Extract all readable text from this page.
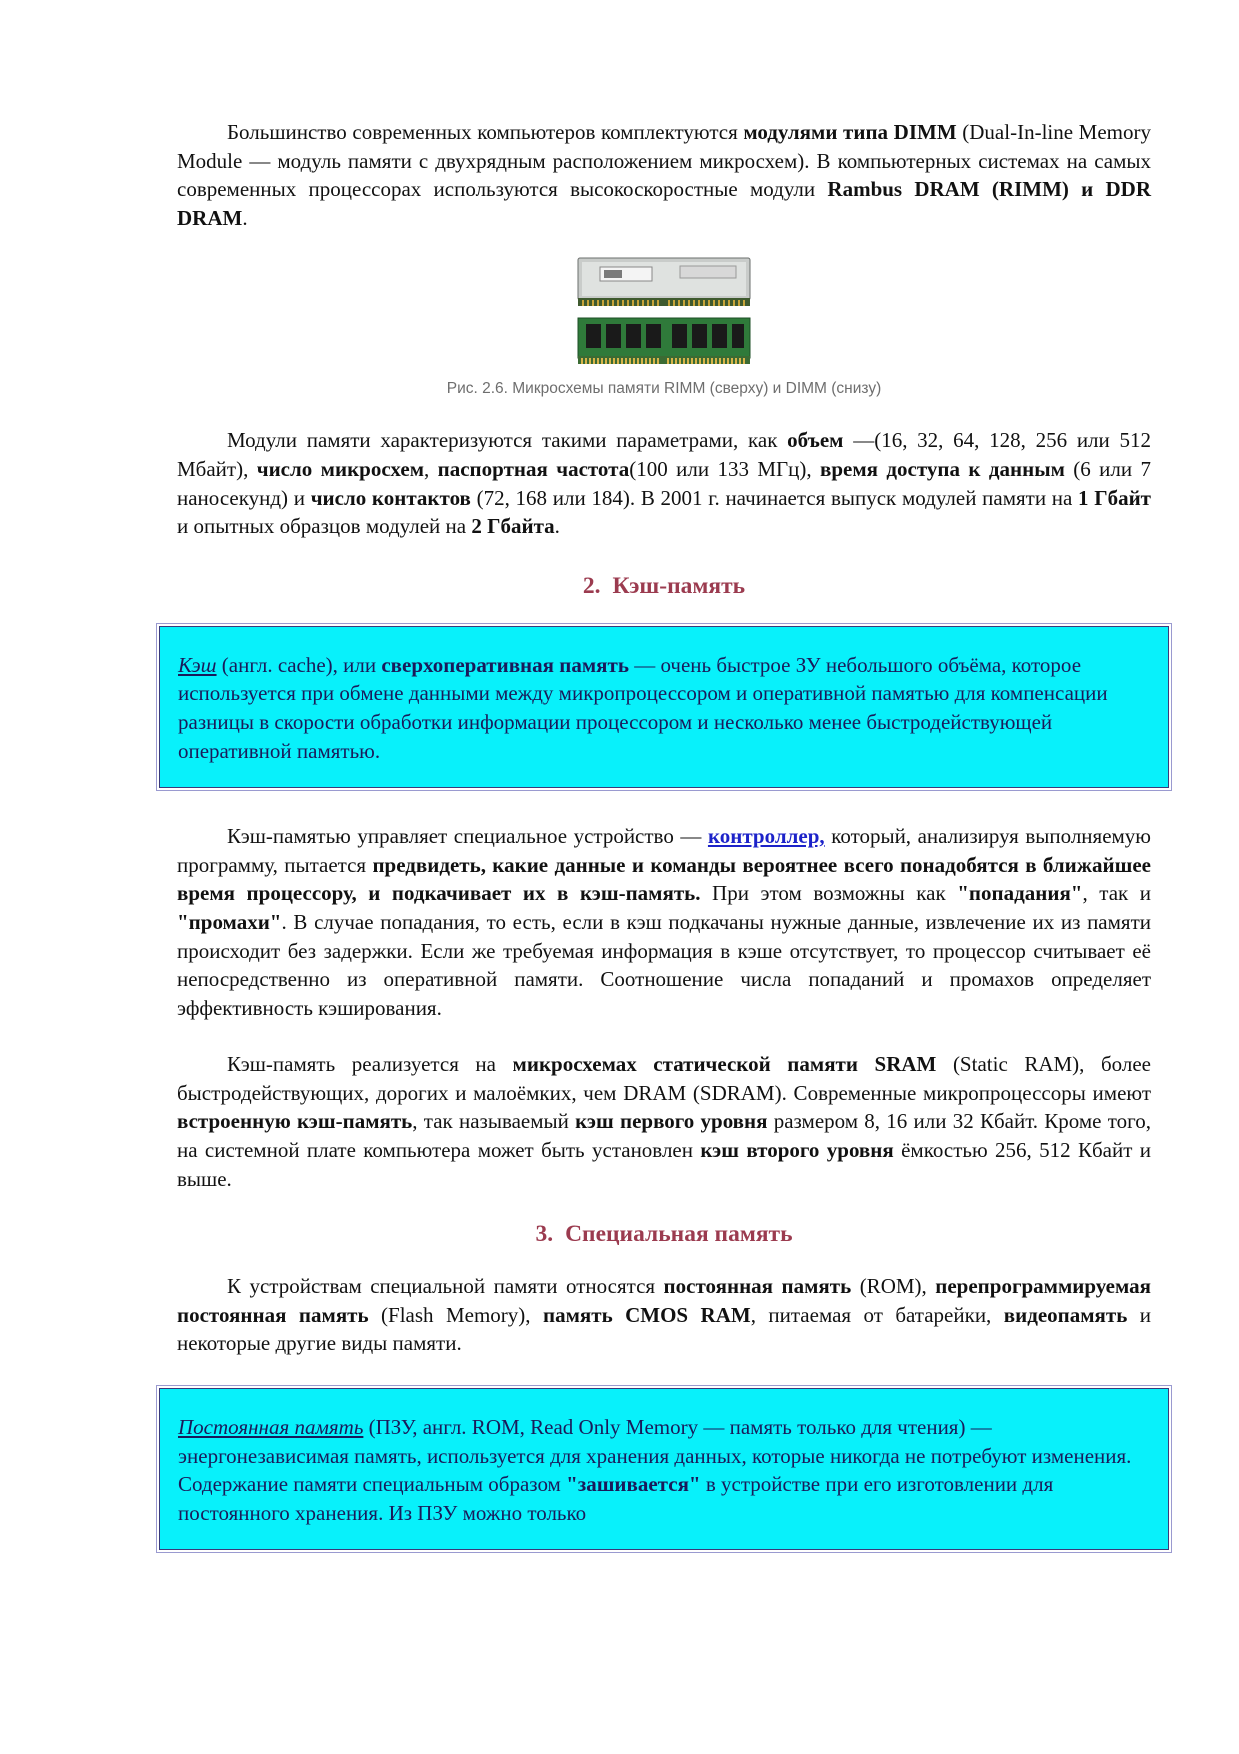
Большинство современных компьютеров комплектуются модулями типа DIMM (Dual-In-line Memory Module — модуль памяти с двухрядным расположением микросхем). В компьютерных системах на самых современных процессорах используются высокоскоростные модули Rambus DRAM (RIMM) и DDR DRAM.

Рис. 2.6. Микросхемы памяти RIMM (сверху) и DIMM (снизу)

Модули памяти характеризуются такими параметрами, как объем —(16, 32, 64, 128, 256 или 512 Мбайт), число микросхем, паспортная частота(100 или 133 МГц), время доступа к данным (6 или 7 наносекунд) и число контактов (72, 168 или 184). В 2001 г. начинается выпуск модулей памяти на 1 Гбайт и опытных образцов модулей на 2 Гбайта.

2. Кэш-память
Кэш (англ. cache), или сверхоперативная память — очень быстрое ЗУ небольшого объёма, которое используется при обмене данными между микропроцессором и оперативной памятью для компенсации разницы в скорости обработки информации процессором и несколько менее быстродействующей оперативной памятью.

Кэш-памятью управляет специальное устройство — контроллер, который, анализируя выполняемую программу, пытается предвидеть, какие данные и команды вероятнее всего понадобятся в ближайшее время процессору, и подкачивает их в кэш-память. При этом возможны как "попадания", так и "промахи". В случае попадания, то есть, если в кэш подкачаны нужные данные, извлечение их из памяти происходит без задержки. Если же требуемая информация в кэше отсутствует, то процессор считывает её непосредственно из оперативной памяти. Соотношение числа попаданий и промахов определяет эффективность кэширования.

Кэш-память реализуется на микросхемах статической памяти SRAM (Static RAM), более быстродействующих, дорогих и малоёмких, чем DRAM (SDRAM). Современные микропроцессоры имеют встроенную кэш-память, так называемый кэш первого уровня размером 8, 16 или 32 Кбайт. Кроме того, на системной плате компьютера может быть установлен кэш второго уровня ёмкостью 256, 512 Кбайт и выше.

3. Специальная память

К устройствам специальной памяти относятся постоянная память (ROM), перепрограммируемая постоянная память (Flash Memory), память CMOS RAM, питаемая от батарейки, видеопамять и некоторые другие виды памяти.

Постоянная память (ПЗУ, англ. ROM, Read Only Memory — память только для чтения) — энергонезависимая память, используется для хранения данных, которые никогда не потребуют изменения. Содержание памяти специальным образом "зашивается" в устройстве при его изготовлении для постоянного хранения. Из ПЗУ можно только
